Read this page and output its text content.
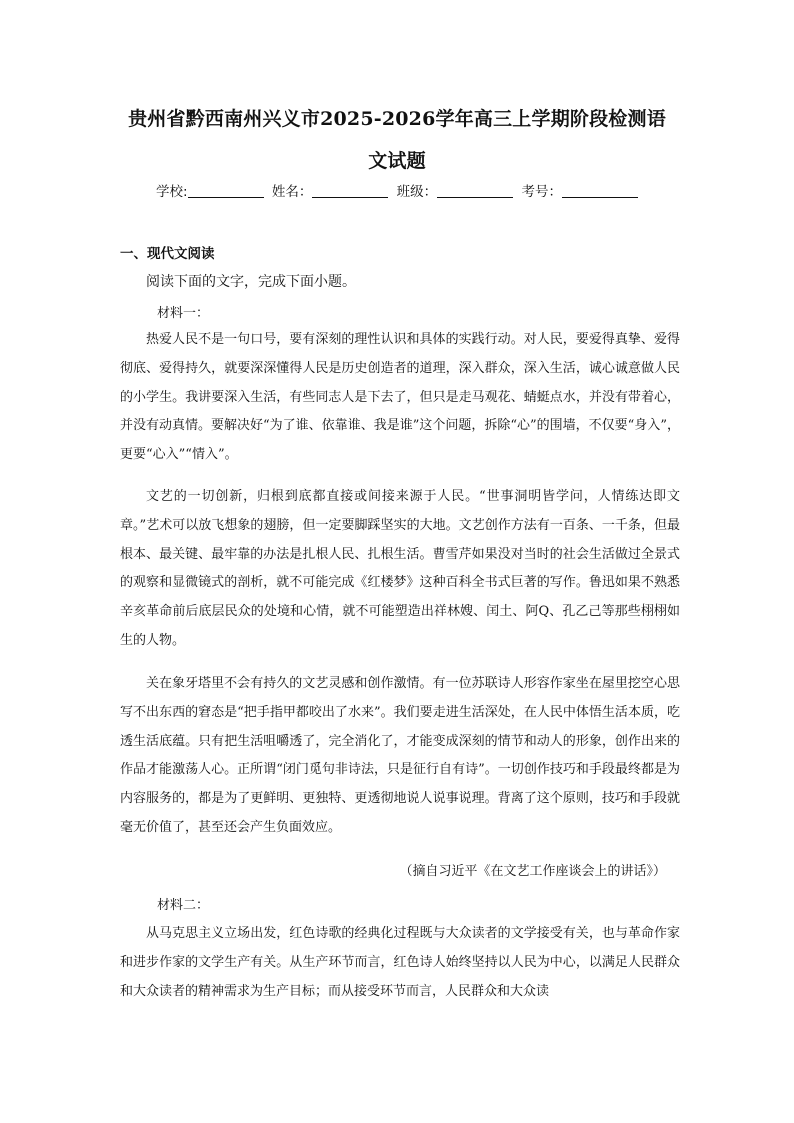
贵州省黔西南州兴义市2025-2026学年高三上学期阶段检测语
文试题
学校:	姓名：	班级：	考号：
一、现代文阅读
阅读下面的文字，完成下面小题。
材料一：

热爱人民不是一句口号，要有深刻的理性认识和具体的实践行动。对人民，要爱得真挚、爱得彻底、爱得持久，就要深深懂得人民是历史创造者的道理，深入群众，深入生活，诚心诚意做人民的小学生。我讲要深入生活，有些同志人是下去了，但只是走马观花、蜻蜓点水，并没有带着心，并没有动真情。要解决好“为了谁、依靠谁、我是谁”这个问题，拆除“心”的围墙，不仅要“身入”，更要“心入”“情入”。

文艺的一切创新，归根到底都直接或间接来源于人民。“世事洞明皆学问，人情练达即文章。”艺术可以放飞想象的翅膀，但一定要脚踩坚实的大地。文艺创作方法有一百条、一千条，但最根本、最关键、最牢靠的办法是扎根人民、扎根生活。曹雪芹如果没对当时的社会生活做过全景式的观察和显微镜式的剖析，就不可能完成《红楼梦》这种百科全书式巨著的写作。鲁迅如果不熟悉辛亥革命前后底层民众的处境和心情，就不可能塑造出祥林嫂、闰土、阿Q、孔乙己等那些栩栩如生的人物。

关在象牙塔里不会有持久的文艺灵感和创作激情。有一位苏联诗人形容作家坐在屋里挖空心思写不出东西的窘态是“把手指甲都咬出了水来”。我们要走进生活深处，在人民中体悟生活本质，吃透生活底蕴。只有把生活咀嚼透了，完全消化了，才能变成深刻的情节和动人的形象，创作出来的作品才能激荡人心。正所谓“闭门觅句非诗法，只是征行自有诗”。一切创作技巧和手段最终都是为内容服务的，都是为了更鲜明、更独特、更透彻地说人说事说理。背离了这个原则，技巧和手段就毫无价值了，甚至还会产生负面效应。

（摘自习近平《在文艺工作座谈会上的讲话》）
材料二：

从马克思主义立场出发，红色诗歌的经典化过程既与大众读者的文学接受有关，也与革命作家和进步作家的文学生产有关。从生产环节而言，红色诗人始终坚持以人民为中心，以满足人民群众和大众读者的精神需求为生产目标；而从接受环节而言，人民群众和大众读
